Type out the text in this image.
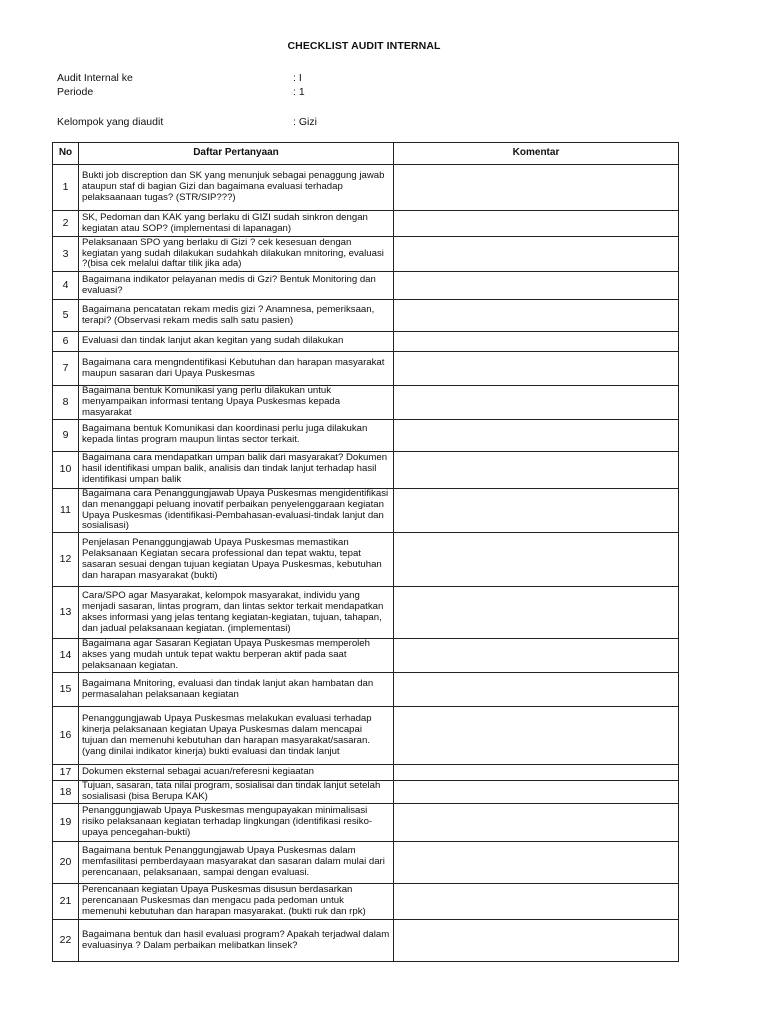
CHECKLIST AUDIT INTERNAL
Audit Internal ke	: I
Periode	: 1
Kelompok yang diaudit	: Gizi
No	Daftar Pertanyaan	Komentar
1	Bukti job discreption dan SK yang menunjuk sebagai penaggung jawab ataupun staf di bagian Gizi dan bagaimana evaluasi terhadap pelaksaanaan tugas? (STR/SIP???)	
2	SK, Pedoman dan KAK yang berlaku di GIZI sudah sinkron dengan kegiatan atau SOP? (implementasi di lapanagan)	
3	Pelaksanaan SPO yang berlaku di Gizi ? cek kesesuan dengan kegiatan yang sudah dilakukan sudahkah dilakukan mnitoring, evaluasi ?(bisa cek melalui daftar tilik jika ada)	
4	Bagaimana indikator pelayanan medis di Gzi? Bentuk Monitoring dan evaluasi?	
5	Bagaimana pencatatan rekam medis gizi ? Anamnesa, pemeriksaan, terapi? (Observasi rekam medis salh satu pasien)	
6	Evaluasi dan tindak lanjut akan kegitan yang sudah dilakukan	
7	Bagaimana cara mengndentifikasi Kebutuhan dan harapan masyarakat maupun sasaran dari Upaya Puskesmas	
8	Bagaimana bentuk Komunikasi yang perlu dilakukan untuk menyampaikan informasi tentang Upaya Puskesmas kepada masyarakat	
9	Bagaimana bentuk Komunikasi dan koordinasi perlu juga dilakukan kepada lintas program maupun lintas sector terkait.	
10	Bagaimana cara mendapatkan umpan balik dari masyarakat? Dokumen hasil identifikasi umpan balik, analisis dan tindak lanjut terhadap hasil identifikasi umpan balik	
11	Bagaimana cara Penanggungjawab Upaya Puskesmas mengidentifikasi dan menanggapi peluang inovatif perbaikan penyelenggaraan kegiatan Upaya Puskesmas (identifikasi-Pembahasan-evaluasi-tindak lanjut dan sosialisasi)	
12	Penjelasan Penanggungjawab Upaya Puskesmas memastikan Pelaksanaan Kegiatan secara professional dan tepat waktu, tepat sasaran sesuai dengan tujuan kegiatan Upaya Puskesmas, kebutuhan dan harapan masyarakat (bukti)	
13	Cara/SPO agar Masyarakat, kelompok masyarakat, individu yang menjadi sasaran, lintas program, dan lintas sektor terkait mendapatkan akses informasi yang jelas tentang kegiatan-kegiatan, tujuan, tahapan, dan jadual pelaksanaan kegiatan. (implementasi)	
14	Bagaimana agar Sasaran Kegiatan Upaya Puskesmas memperoleh akses yang mudah untuk tepat waktu berperan aktif pada saat pelaksanaan kegiatan.	
15	Bagaimana Mnitoring, evaluasi dan tindak lanjut akan hambatan dan permasalahan pelaksanaan kegiatan	
16	Penanggungjawab Upaya Puskesmas melakukan evaluasi terhadap kinerja pelaksanaan kegiatan Upaya Puskesmas dalam mencapai tujuan dan memenuhi kebutuhan dan harapan masyarakat/sasaran. (yang dinilai indikator kinerja) bukti evaluasi dan tindak lanjut	
17	Dokumen eksternal sebagai acuan/referesni kegiaatan	
18	Tujuan, sasaran, tata nilai program, sosialisai dan tindak lanjut setelah sosialisasi (bisa Berupa KAK)	
19	Penanggungjawab Upaya Puskesmas mengupayakan minimalisasi risiko pelaksanaan kegiatan terhadap lingkungan (identifikasi resiko-upaya pencegahan-bukti)	
20	Bagaimana bentuk Penanggungjawab Upaya Puskesmas dalam memfasilitasi pemberdayaan masyarakat dan sasaran dalam mulai dari perencanaan, pelaksanaan, sampai dengan evaluasi.	
21	Perencanaan kegiatan Upaya Puskesmas disusun berdasarkan perencanaan Puskesmas dan mengacu pada pedoman untuk memenuhi kebutuhan dan harapan masyarakat. (bukti ruk dan rpk)	
22	Bagaimana bentuk dan hasil evaluasi program? Apakah terjadwal dalam evaluasinya ? Dalam perbaikan melibatkan linsek?	
